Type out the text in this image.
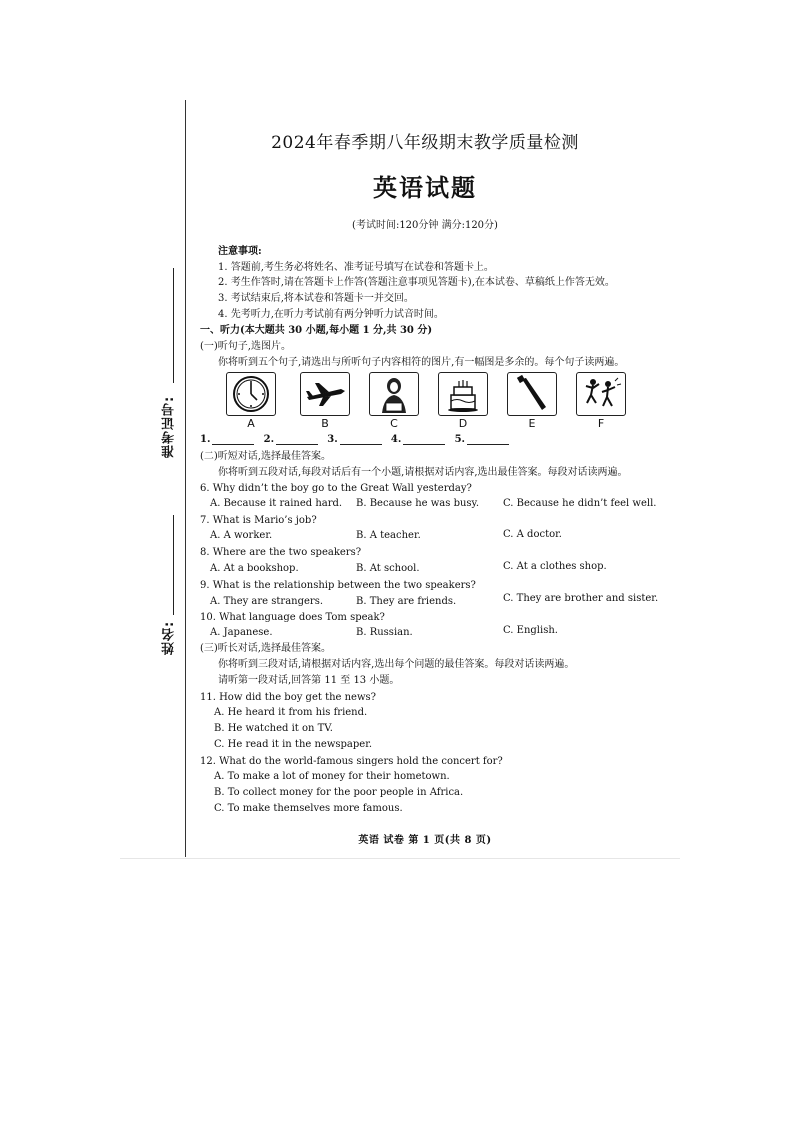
准考证号:
姓名:
2024年春季期八年级期末教学质量检测
英语试题
(考试时间:120分钟 满分:120分)
注意事项:
1. 答题前,考生务必将姓名、准考证号填写在试卷和答题卡上。
2. 考生作答时,请在答题卡上作答(答题注意事项见答题卡),在本试卷、草稿纸上作答无效。
3. 考试结束后,将本试卷和答题卡一并交回。
4. 先考听力,在听力考试前有两分钟听力试音时间。
一、听力(本大题共 30 小题,每小题 1 分,共 30 分)
(一)听句子,选图片。
你将听到五个句子,请选出与所听句子内容相符的图片,有一幅图是多余的。每个句子读两遍。
A	B	C	D	E	F
1.	2.	3.	4.	5.
(二)听短对话,选择最佳答案。
你将听到五段对话,每段对话后有一个小题,请根据对话内容,选出最佳答案。每段对话读两遍。
6. Why didn’t the boy go to the Great Wall yesterday?
A. Because it rained hard. B. Because he was busy. C. Because he didn’t feel well.
7. What is Mario’s job?
A. A worker.	B. A teacher.	C. A doctor.
8. Where are the two speakers?
A. At a bookshop.	B. At school.	C. At a clothes shop.
9. What is the relationship between the two speakers?
A. They are strangers.	B. They are friends.	C. They are brother and sister.
10. What language does Tom speak?
A. Japanese.	B. Russian.	C. English.
(三)听长对话,选择最佳答案。
你将听到三段对话,请根据对话内容,选出每个问题的最佳答案。每段对话读两遍。
请听第一段对话,回答第 11 至 13 小题。
11. How did the boy get the news?
A. He heard it from his friend.
B. He watched it on TV.
C. He read it in the newspaper.
12. What do the world-famous singers hold the concert for?
A. To make a lot of money for their hometown.
B. To collect money for the poor people in Africa.
C. To make themselves more famous.
英语 试卷 第 1 页(共 8 页)
